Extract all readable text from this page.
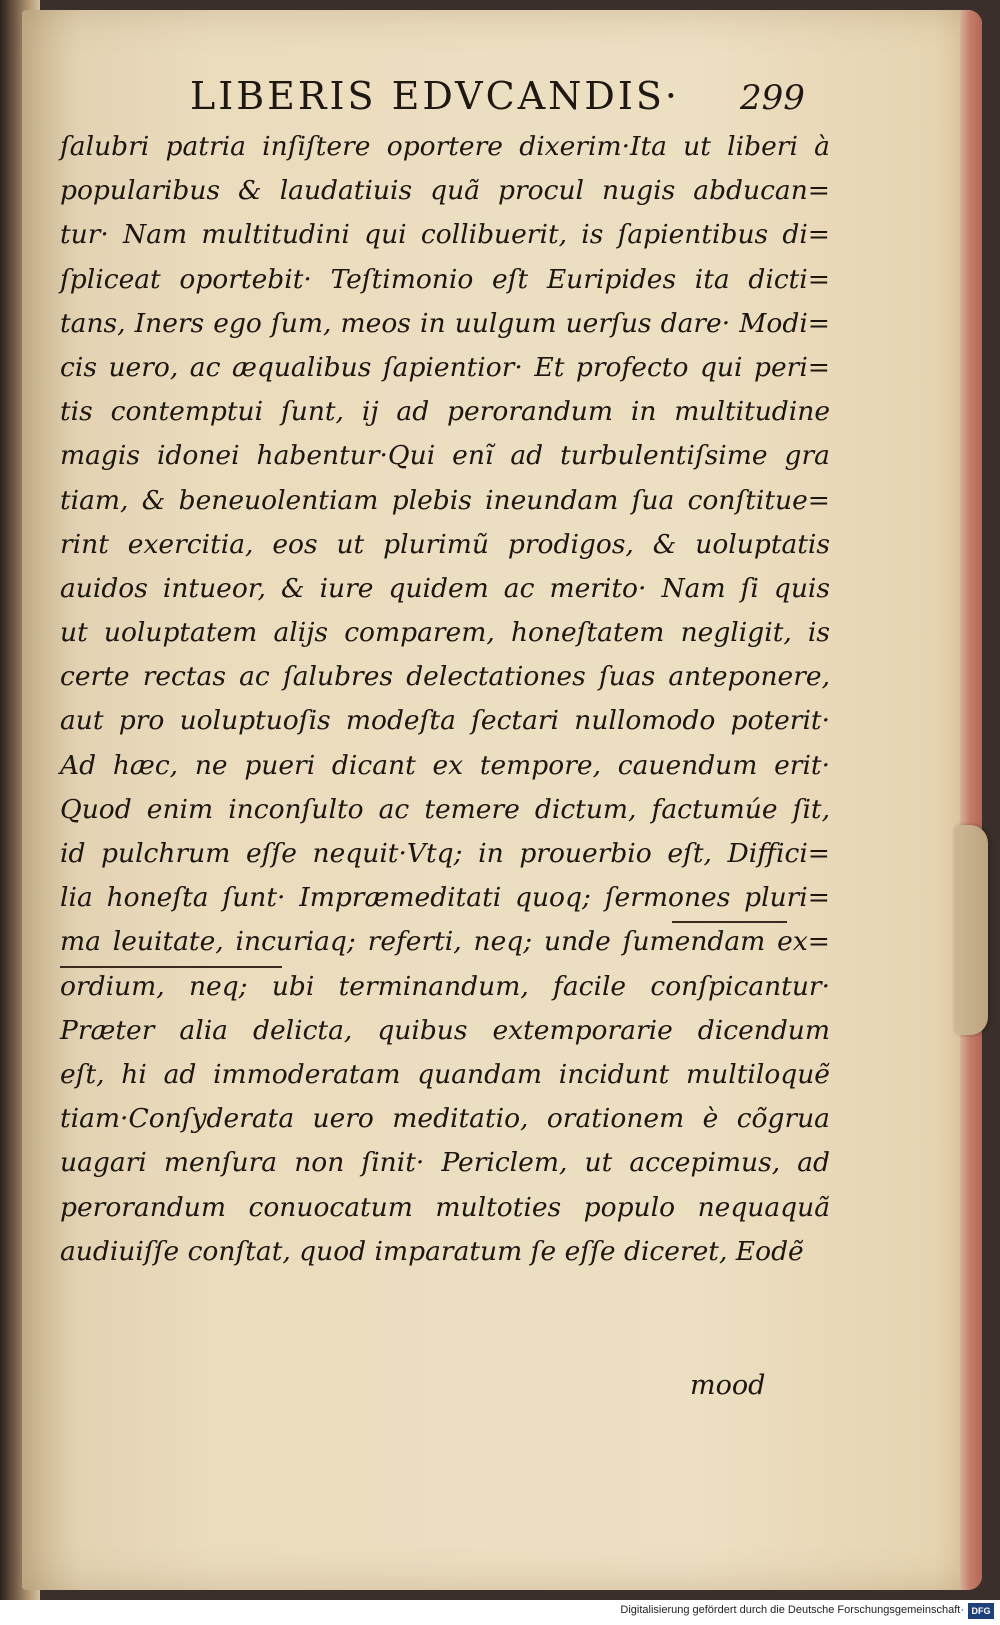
LIBERIS EDVCANDIS· 299
ſalubri patria inſiſtere oportere dixerim·Ita ut liberi à
popularibus & laudatiuis quã procul nugis abducan=
tur· Nam multitudini qui collibuerit, is ſapientibus di=
ſpliceat oportebit· Teſtimonio eſt Euripides ita dicti=
tans, Iners ego ſum, meos in uulgum uerſus dare· Modi=
cis uero, ac æqualibus ſapientior· Et profecto qui peri=
tis contemptui ſunt, ij ad perorandum in multitudine
magis idonei habentur·Qui enĩ ad turbulentiſsime gra
tiam, & beneuolentiam plebis ineundam ſua conſtitue=
rint exercitia, eos ut plurimũ prodigos, & uoluptatis
auidos intueor, & iure quidem ac merito· Nam ſi quis
ut uoluptatem alijs compareт, honeſtatem negligit, is
certe rectas ac ſalubres delectationes ſuas anteponere,
aut pro uoluptuoſis modeſta ſectari nullomodo poterit·
Ad hæc, ne pueri dicant ex tempore, cauendum erit·
Quod enim inconſulto ac temere dictum, factumúe ſit,
id pulchrum eſſe nequit·Vtq; in prouerbio eſt, Diffici=
lia honeſta ſunt· Impræmeditati quoq; ſermones pluri=
ma leuitate, incuriaq; referti, neq; unde ſumendam ex=
ordium, neq; ubi terminandum, facile conſpicantur·
Præter alia delicta, quibus extemporarie dicendum
eſt, hi ad immoderatam quandam incidunt multiloquẽ
tiam·Conſyderata uero meditatio, orationem è cõgrua
uagari menſura non ſinit· Periclem, ut accepimus, ad
perorandum conuocatum multoties populo nequaquã
audiuiſſe conſtat, quod imparatum ſe eſſe diceret, Eodẽ
mood
Digitalisierung gefördert durch die Deutsche Forschungsgemeinschaft· DFG
